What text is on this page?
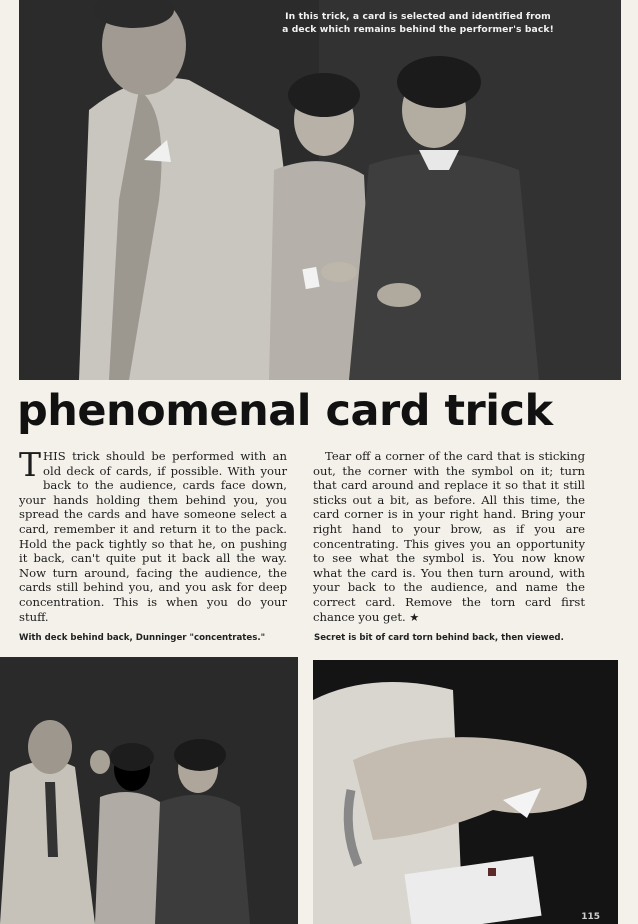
In this trick, a card is selected and identified from
a deck which remains behind the performer's back!
phenomenal card trick

THIS trick should be performed with an old deck of cards, if possible. With your back to the audience, cards face down, your hands holding them behind you, you spread the cards and have someone select a card, remember it and return it to the pack. Hold the pack tightly so that he, on pushing it back, can't quite put it back all the way. Now turn around, facing the audience, the cards still behind you, and you ask for deep concentration. This is when you do your stuff.

Tear off a corner of the card that is sticking out, the corner with the symbol on it; turn that card around and replace it so that it still sticks out a bit, as before. All this time, the card corner is in your right hand. Bring your right hand to your brow, as if you are concentrating. This gives you an opportunity to see what the symbol is. You now know what the card is. You then turn around, with your back to the audience, and name the correct card. Remove the torn card first chance you get. ★

With deck behind back, Dunninger "concentrates."	Secret is bit of card torn behind back, then viewed.
115
